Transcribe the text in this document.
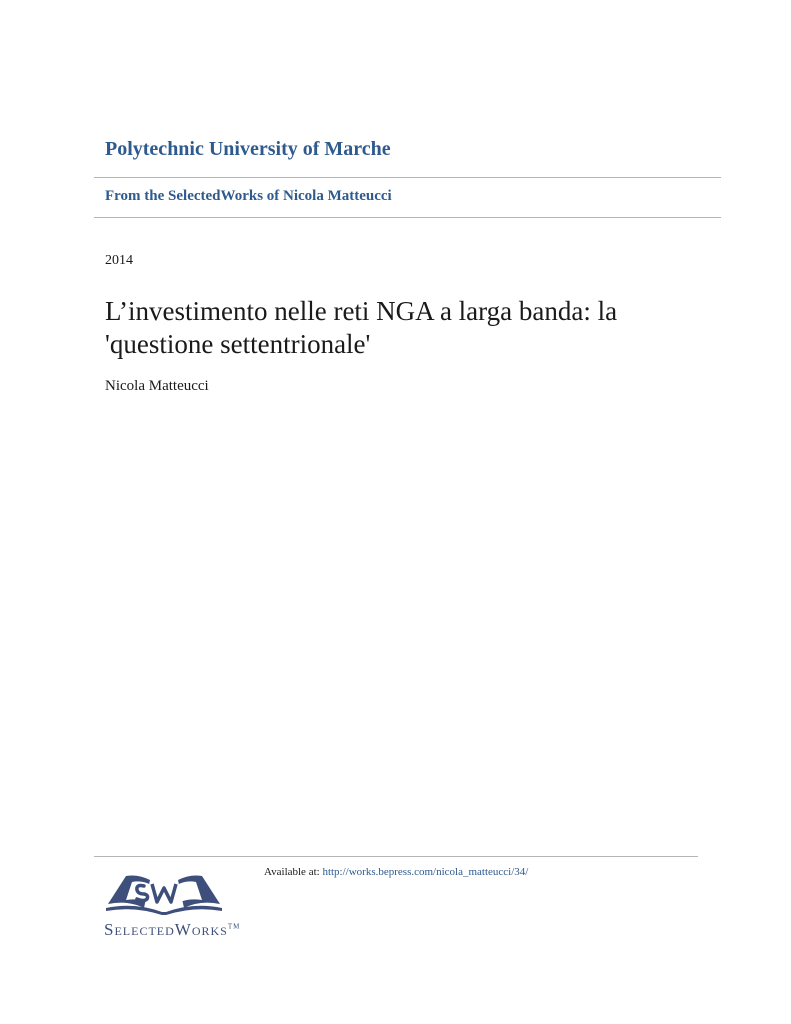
Polytechnic University of Marche
From the SelectedWorks of Nicola Matteucci
2014
L’investimento nelle reti NGA a larga banda: la 'questione settentrionale'
Nicola Matteucci
SelectedWorks™
Available at: http://works.bepress.com/nicola_matteucci/34/
